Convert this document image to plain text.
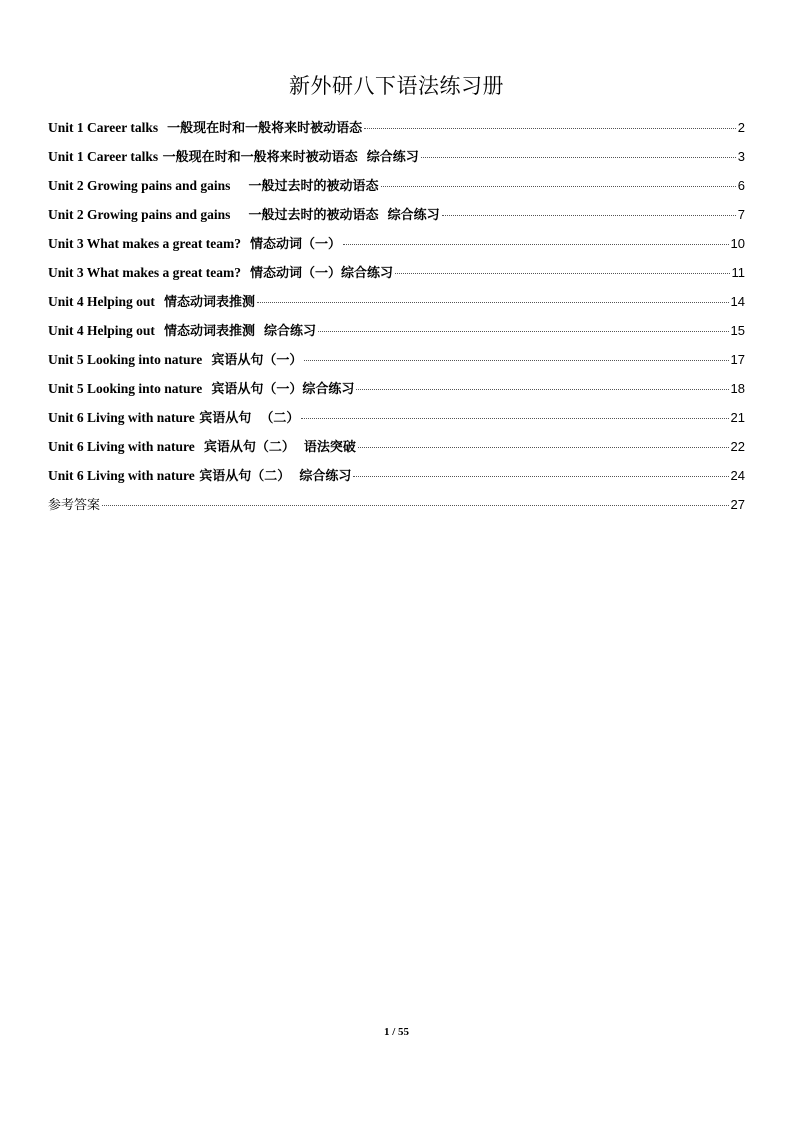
新外研八下语法练习册
Unit 1 Career talks  一般现在时和一般将来时被动语态	2
Unit 1 Career talks 一般现在时和一般将来时被动语态  综合练习	3
Unit 2 Growing pains and gains    一般过去时的被动语态	6
Unit 2 Growing pains and gains    一般过去时的被动语态  综合练习	7
Unit 3 What makes a great team?  情态动词（一）	10
Unit 3 What makes a great team?  情态动词（一）综合练习	11
Unit 4 Helping out  情态动词表推测	14
Unit 4 Helping out  情态动词表推测  综合练习	15
Unit 5 Looking into nature  宾语从句（一）	17
Unit 5 Looking into nature  宾语从句（一）综合练习	18
Unit 6 Living with nature 宾语从句  （二）	21
Unit 6 Living with nature  宾语从句（二）  语法突破	22
Unit 6 Living with nature 宾语从句（二）  综合练习	24
参考答案	27
1 / 55
